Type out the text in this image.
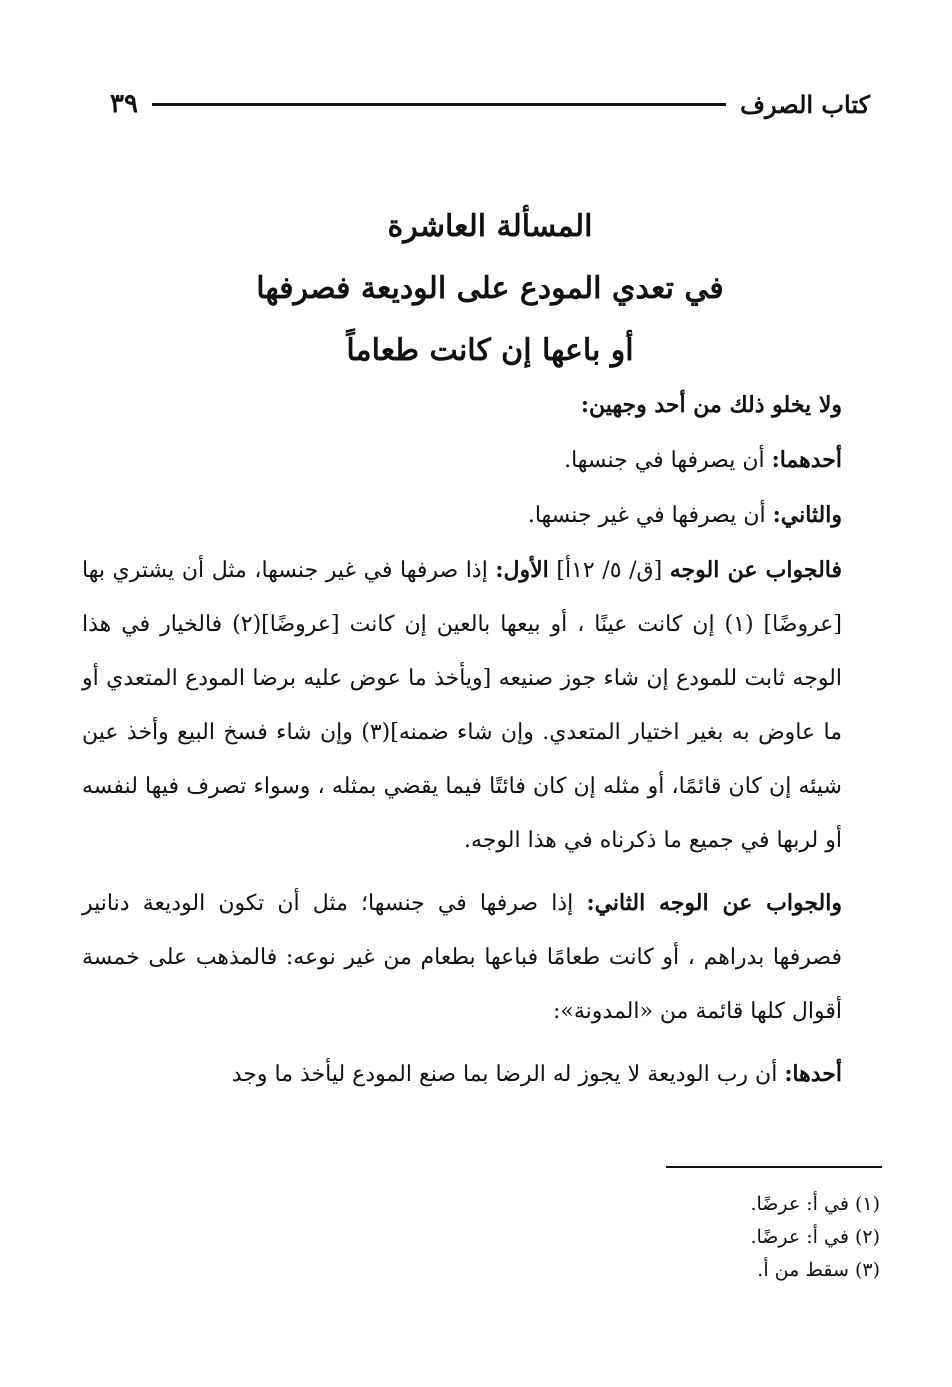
كتاب الصرف
٣٩
المسألة العاشرة
في تعدي المودع على الوديعة فصرفها
أو باعها إن كانت طعاماً

ولا يخلو ذلك من أحد وجهين:

أحدهما: أن يصرفها في جنسها.

والثاني: أن يصرفها في غير جنسها.

فالجواب عن الوجه [ق/ ٥/ ١٢أ] الأول: إذا صرفها في غير جنسها، مثل أن يشتري بها [عروضًا] (١) إن كانت عينًا ، أو بيعها بالعين إن كانت [عروضًا](٢) فالخيار في هذا الوجه ثابت للمودع إن شاء جوز صنيعه [ويأخذ ما عوض عليه برضا المودع المتعدي أو ما عاوض به بغير اختيار المتعدي. وإن شاء ضمنه](٣) وإن شاء فسخ البيع وأخذ عين شيئه إن كان قائمًا، أو مثله إن كان فائتًا فيما يقضي بمثله ، وسواء تصرف فيها لنفسه أو لربها في جميع ما ذكرناه في هذا الوجه.

والجواب عن الوجه الثاني: إذا صرفها في جنسها؛ مثل أن تكون الوديعة دنانير فصرفها بدراهم ، أو كانت طعامًا فباعها بطعام من غير نوعه: فالمذهب على خمسة أقوال كلها قائمة من «المدونة»:

أحدها: أن رب الوديعة لا يجوز له الرضا بما صنع المودع ليأخذ ما وجد

(١) في أ: عرضًا.
(٢) في أ: عرضًا.
(٣) سقط من أ.
